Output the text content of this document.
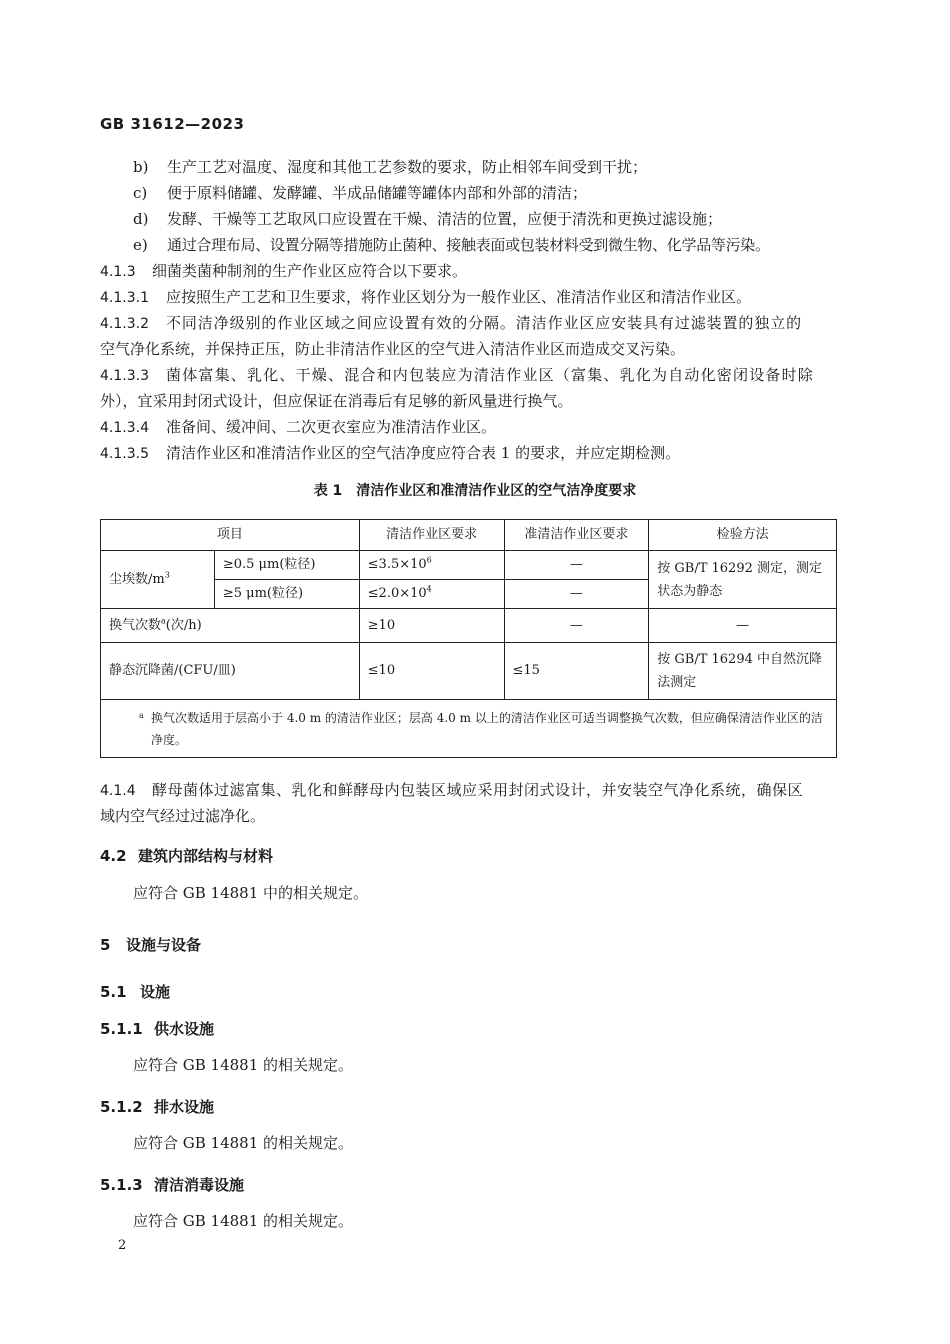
GB 31612—2023
b) 生产工艺对温度、湿度和其他工艺参数的要求，防止相邻车间受到干扰；
c) 便于原料储罐、发酵罐、半成品储罐等罐体内部和外部的清洁；
d) 发酵、干燥等工艺取风口应设置在干燥、清洁的位置，应便于清洗和更换过滤设施；
e) 通过合理布局、设置分隔等措施防止菌种、接触表面或包装材料受到微生物、化学品等污染。
4.1.3 细菌类菌种制剂的生产作业区应符合以下要求。
4.1.3.1 应按照生产工艺和卫生要求，将作业区划分为一般作业区、准清洁作业区和清洁作业区。
4.1.3.2 不同洁净级别的作业区域之间应设置有效的分隔。清洁作业区应安装具有过滤装置的独立的
空气净化系统，并保持正压，防止非清洁作业区的空气进入清洁作业区而造成交叉污染。
4.1.3.3 菌体富集、乳化、干燥、混合和内包装应为清洁作业区（富集、乳化为自动化密闭设备时除
外），宜采用封闭式设计，但应保证在消毒后有足够的新风量进行换气。
4.1.3.4 准备间、缓冲间、二次更衣室应为准清洁作业区。
4.1.3.5 清洁作业区和准清洁作业区的空气洁净度应符合表 1 的要求，并应定期检测。
表 1　清洁作业区和准清洁作业区的空气洁净度要求
项目		清洁作业区要求	准清洁作业区要求	检验方法
尘埃数$/m^3$	≥0.5 μm(粒径)	$\le 3.5\times 10^6$	—	按 GB/T 16292 测定，测定状态为静态
	≥5 μm(粒径)	$\le 2.0\times 10^4$	—	
换气次数$^a$(次/h)		≥10	—	—
静态沉降菌/(CFU/皿)		≤10	≤15	按 GB/T 16294 中自然沉降法测定

a 换气次数适用于层高小于 4.0 m 的清洁作业区；层高 4.0 m 以上的清洁作业区可适当调整换气次数，但应确保清洁作业区的洁净度。				
4.1.4 酵母菌体过滤富集、乳化和鲜酵母内包装区域应采用封闭式设计，并安装空气净化系统，确保区
域内空气经过过滤净化。
4.2 建筑内部结构与材料
应符合 GB 14881 中的相关规定。
5 设施与设备
5.1 设施
5.1.1 供水设施
应符合 GB 14881 的相关规定。
5.1.2 排水设施
应符合 GB 14881 的相关规定。
5.1.3 清洁消毒设施
应符合 GB 14881 的相关规定。
2
